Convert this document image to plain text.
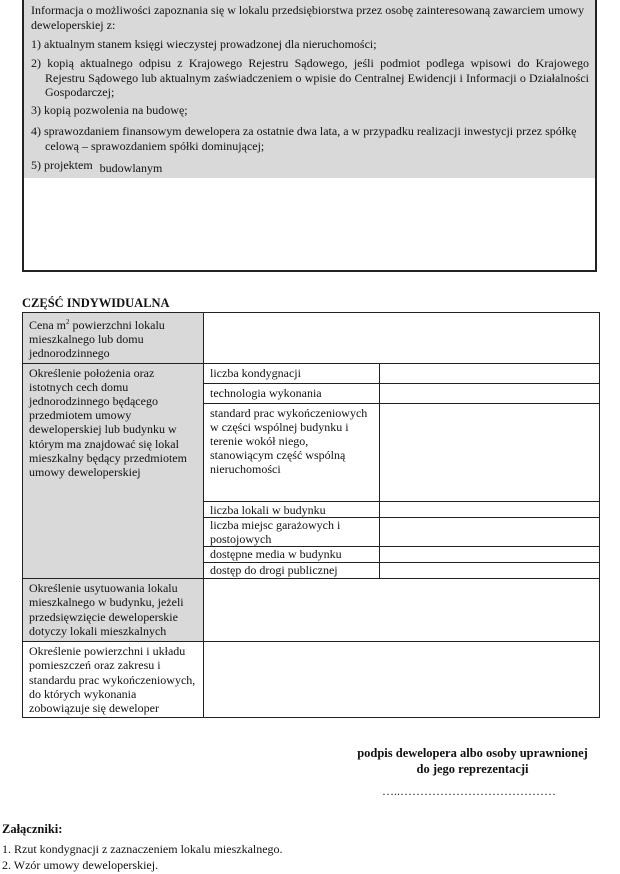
Informacja o możliwości zapoznania się w lokalu przedsiębiorstwa przez osobę zainteresowaną zawarciem umowy deweloperskiej z:

1) aktualnym stanem księgi wieczystej prowadzonej dla nieruchomości;

2) kopią aktualnego odpisu z Krajowego Rejestru Sądowego, jeśli podmiot podlega wpisowi do Krajowego Rejestru Sądowego lub aktualnym zaświadczeniem o wpisie do Centralnej Ewidencji i Informacji o Działalności Gospodarczej;

3) kopią pozwolenia na budowę;

4) sprawozdaniem finansowym dewelopera za ostatnie dwa lata, a w przypadku realizacji inwestycji przez spółkę celową – sprawozdaniem spółki dominującej;

5) projektem budowlanym

CZĘŚĆ INDYWIDUALNA
Cena $m^2$ powierzchni lokalu mieszkalnego lub domu jednorodzinnego		
Określenie położenia oraz istotnych cech domu jednorodzinnego będącego przedmiotem umowy deweloperskiej lub budynku w którym ma znajdować się lokal mieszkalny będący przedmiotem umowy deweloperskiej	liczba kondygnacji	
	technologia wykonania	
	standard prac wykończeniowych w części wspólnej budynku i terenie wokół niego, stanowiącym część wspólną nieruchomości	
	liczba lokali w budynku	
	liczba miejsc garażowych i postojowych	
	dostępne media w budynku	
	dostęp do drogi publicznej	
Określenie usytuowania lokalu mieszkalnego w budynku, jeżeli przedsięwzięcie deweloperskie dotyczy lokali mieszkalnych		
Określenie powierzchni i układu pomieszczeń oraz zakresu i standardu prac wykończeniowych, do których wykonania zobowiązuje się deweloper		
podpis dewelopera albo osoby uprawnionej
do jego reprezentacji
…..…………………………………
Załączniki:
1. Rzut kondygnacji z zaznaczeniem lokalu mieszkalnego.
2. Wzór umowy deweloperskiej.
